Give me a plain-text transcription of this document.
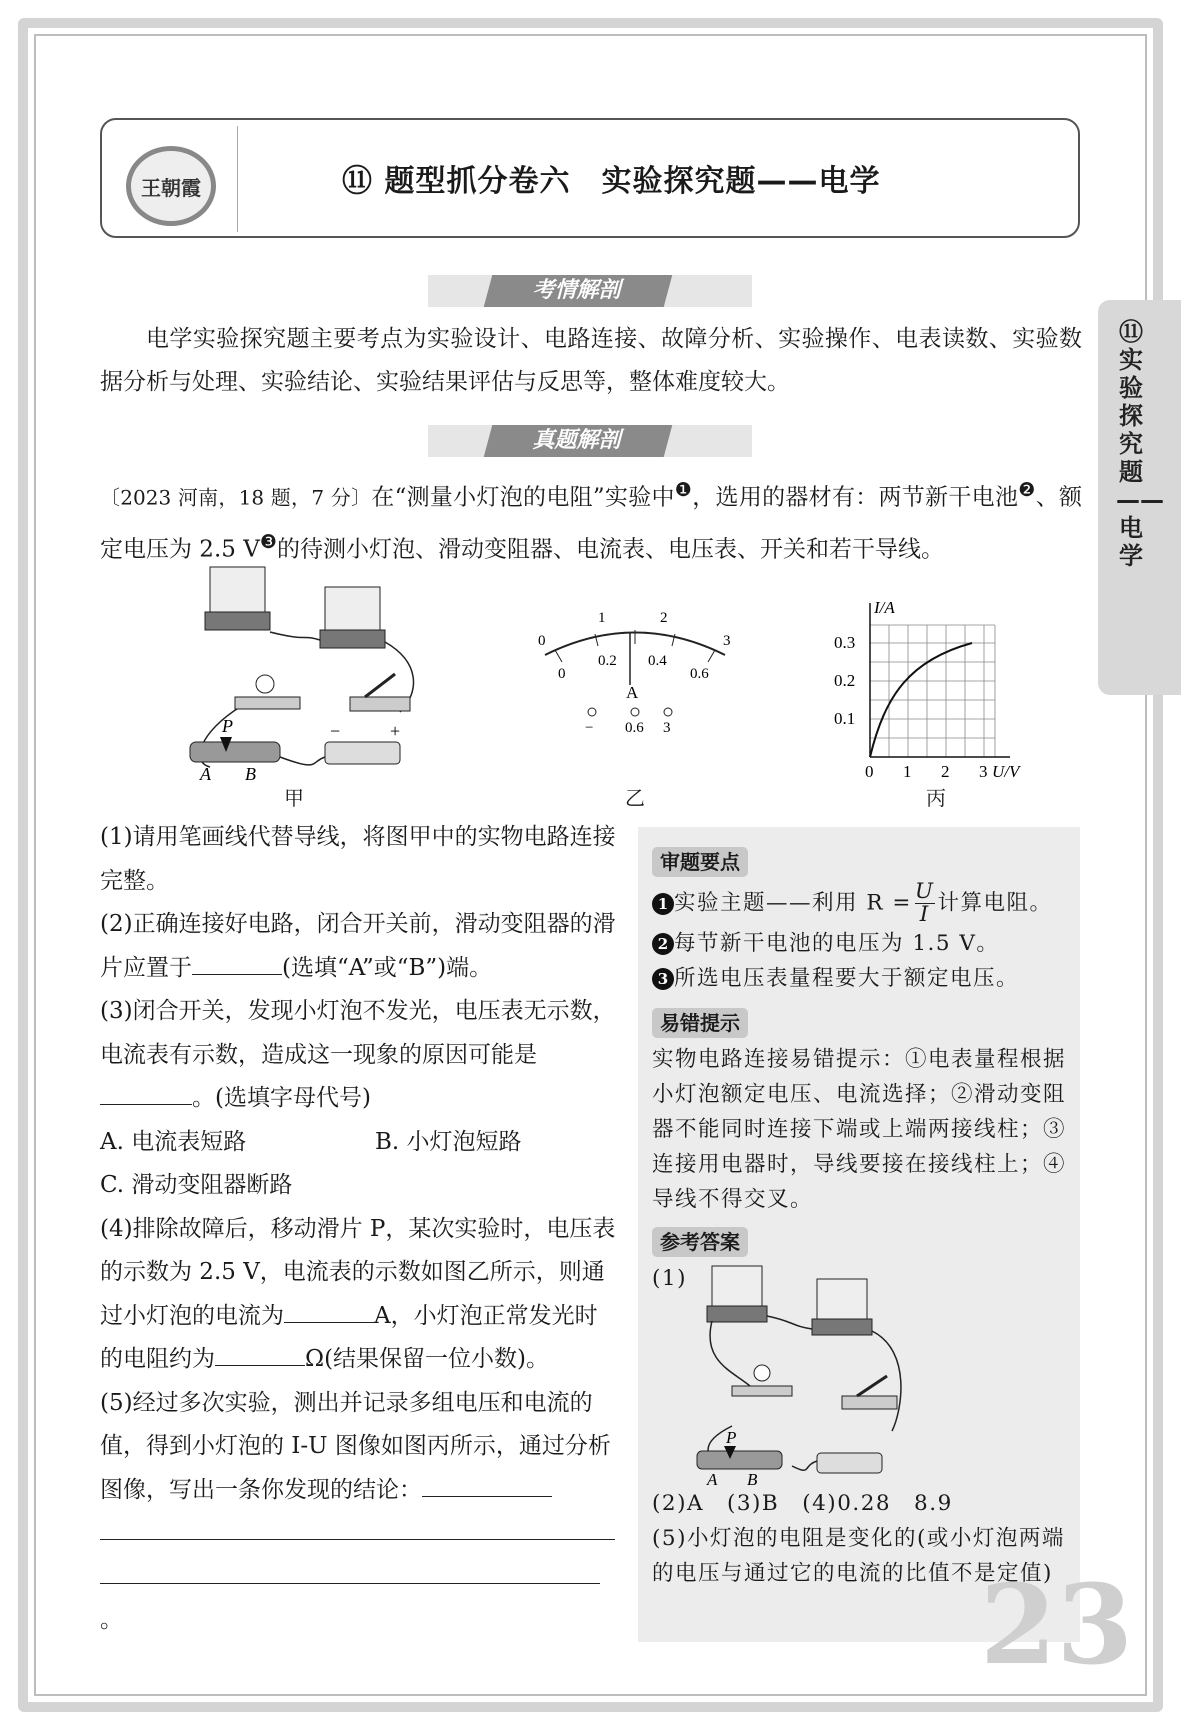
王朝霞	⑪ 题型抓分卷六　实验探究题——电学
⑪
实验探究题——电学
考情解剖
电学实验探究题主要考点为实验设计、电路连接、故障分析、实验操作、电表读数、实验数据分析与处理、实验结论、实验结果评估与反思等，整体难度较大。
真题解剖
〔2023 河南，18 题，7 分〕在“测量小灯泡的电阻”实验中$^❶$，选用的器材有：两节新干电池$^❷$、额定电压为 2.5 $V^❸$的待测小灯泡、滑动变阻器、电流表、电压表、开关和若干导线。
P
A B
−	+
甲
0
1	2
3
0
0.2 0.4
0.6
A
− 0.6 3
乙
I/A
0.3
0.2
0.1
0 1 2 3 U/V
丙
(1)请用笔画线代替导线，将图甲中的实物电路连接完整。
(2)正确连接好电路，闭合开关前，滑动变阻器的滑片应置于	(选填“A”或“B”)端。
(3)闭合开关，发现小灯泡不发光，电压表无示数，电流表有示数，造成这一现象的原因可能是。(选填字母代号)
A. 电流表短路	B. 小灯泡短路
C. 滑动变阻器断路
(4)排除故障后，移动滑片 P，某次实验时，电压表的示数为 2.5 V，电流表的示数如图乙所示，则通过小灯泡的电流为	A，小灯泡正常发光时的电阻约为	Ω(结果保留一位小数)。
(5)经过多次实验，测出并记录多组电压和电流的值，得到小灯泡的 I-U 图像如图丙所示，通过分析图像，写出一条你发现的结论：

。
审题要点
1 实验主题——利用 $R = \frac{U}{I}$ 计算电阻。
2 每节新干电池的电压为 1.5 V。
3 所选电压表量程要大于额定电压。
易错提示
实物电路连接易错提示：①电表量程根据小灯泡额定电压、电流选择；②滑动变阻器不能同时连接下端或上端两接线柱；③连接用电器时，导线要接在接线柱上；④导线不得交叉。
参考答案
(1)
P
A B
(2)A　(3)B　(4)0.28　8.9
(5)小灯泡的电阻是变化的(或小灯泡两端的电压与通过它的电流的比值不是定值)
23
